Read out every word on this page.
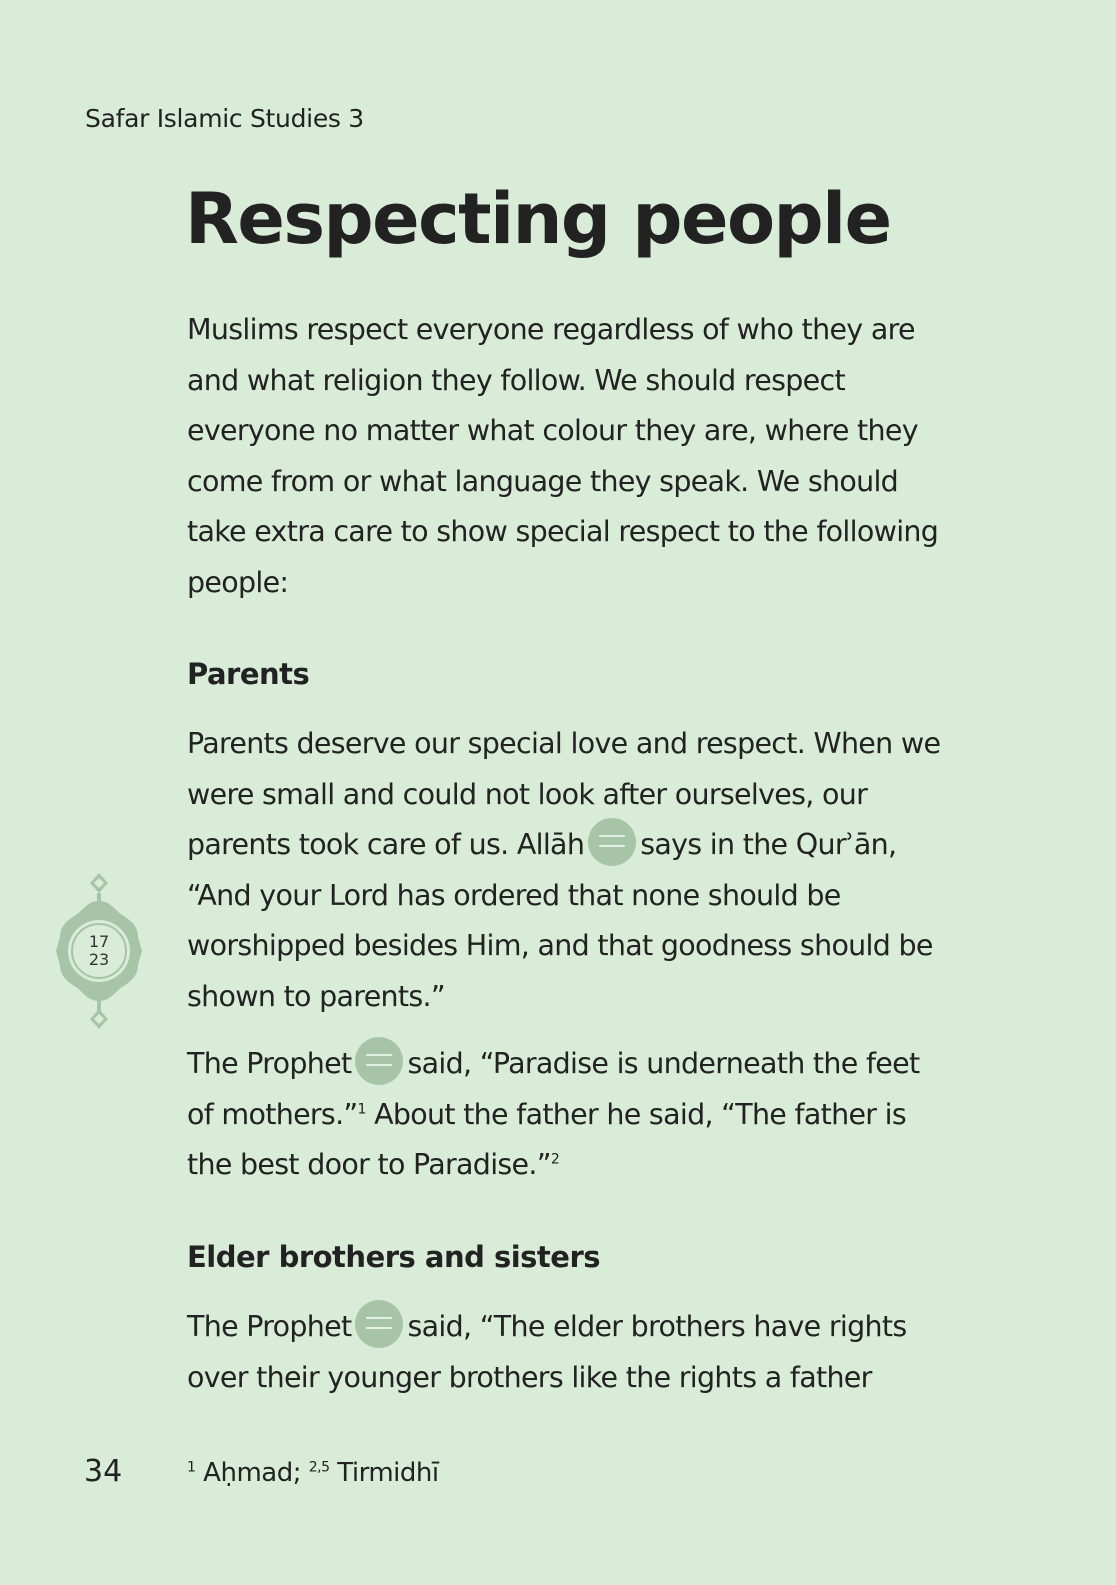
Safar Islamic Studies 3
Respecting people

Muslims respect everyone regardless of who they are and what religion they follow. We should respect everyone no matter what colour they are, where they come from or what language they speak. We should take extra care to show special respect to the following people:

Parents

Parents deserve our special love and respect. When we were small and could not look after ourselves, our parents took care of us. Allāh says in the Qurʾān, “And your Lord has ordered that none should be worshipped besides Him, and that goodness should be shown to parents.”

17
23

The Prophet said, “Paradise is underneath the feet of mothers.”$^1$ About the father he said, “The father is the best door to Paradise.”$^2$

Elder brothers and sisters

The Prophet said, “The elder brothers have rights over their younger brothers like the rights a father

34	$^1$ Aḥmad; $^{2,5}$ Tirmidhī
